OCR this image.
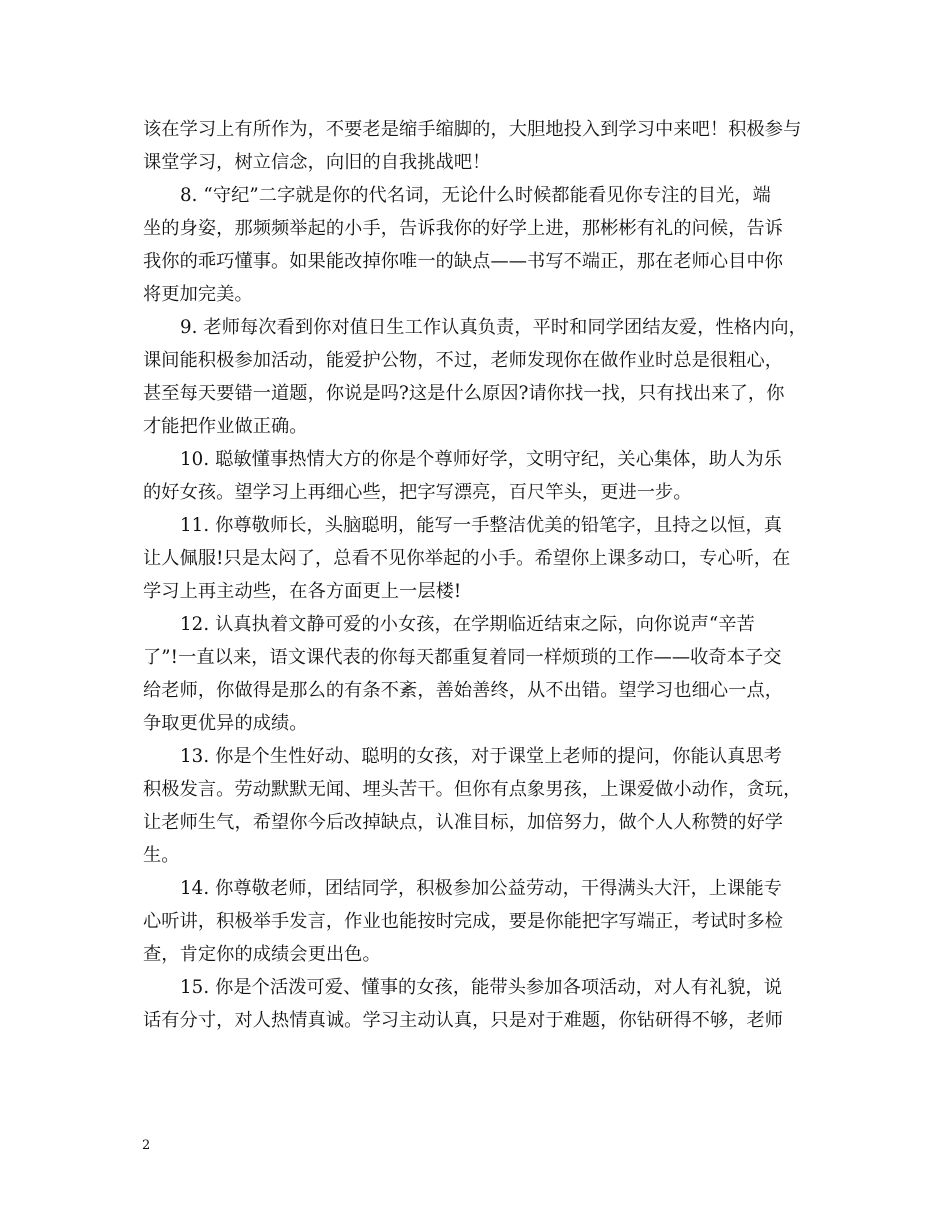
该在学习上有所作为，不要老是缩手缩脚的，大胆地投入到学习中来吧！积极参与
课堂学习，树立信念，向旧的自我挑战吧！
8. “守纪”二字就是你的代名词，无论什么时候都能看见你专注的目光，端
坐的身姿，那频频举起的小手，告诉我你的好学上进，那彬彬有礼的问候，告诉
我你的乖巧懂事。如果能改掉你唯一的缺点——书写不端正，那在老师心目中你
将更加完美。
9. 老师每次看到你对值日生工作认真负责，平时和同学团结友爱，性格内向，
课间能积极参加活动，能爱护公物，不过，老师发现你在做作业时总是很粗心，
甚至每天要错一道题，你说是吗?这是什么原因?请你找一找，只有找出来了，你
才能把作业做正确。
10. 聪敏懂事热情大方的你是个尊师好学，文明守纪，关心集体，助人为乐
的好女孩。望学习上再细心些，把字写漂亮，百尺竿头，更进一步。
11. 你尊敬师长，头脑聪明，能写一手整洁优美的铅笔字，且持之以恒，真
让人佩服!只是太闷了，总看不见你举起的小手。希望你上课多动口，专心听，在
学习上再主动些，在各方面更上一层楼!
12. 认真执着文静可爱的小女孩，在学期临近结束之际，向你说声“辛苦
了”!一直以来，语文课代表的你每天都重复着同一样烦琐的工作——收奇本子交
给老师，你做得是那么的有条不紊，善始善终，从不出错。望学习也细心一点，
争取更优异的成绩。
13. 你是个生性好动、聪明的女孩，对于课堂上老师的提问，你能认真思考
积极发言。劳动默默无闻、埋头苦干。但你有点象男孩，上课爱做小动作，贪玩，
让老师生气，希望你今后改掉缺点，认准目标，加倍努力，做个人人称赞的好学
生。
14. 你尊敬老师，团结同学，积极参加公益劳动，干得满头大汗，上课能专
心听讲，积极举手发言，作业也能按时完成，要是你能把字写端正，考试时多检
查，肯定你的成绩会更出色。
15. 你是个活泼可爱、懂事的女孩，能带头参加各项活动，对人有礼貌，说
话有分寸，对人热情真诚。学习主动认真，只是对于难题，你钻研得不够，老师
2
